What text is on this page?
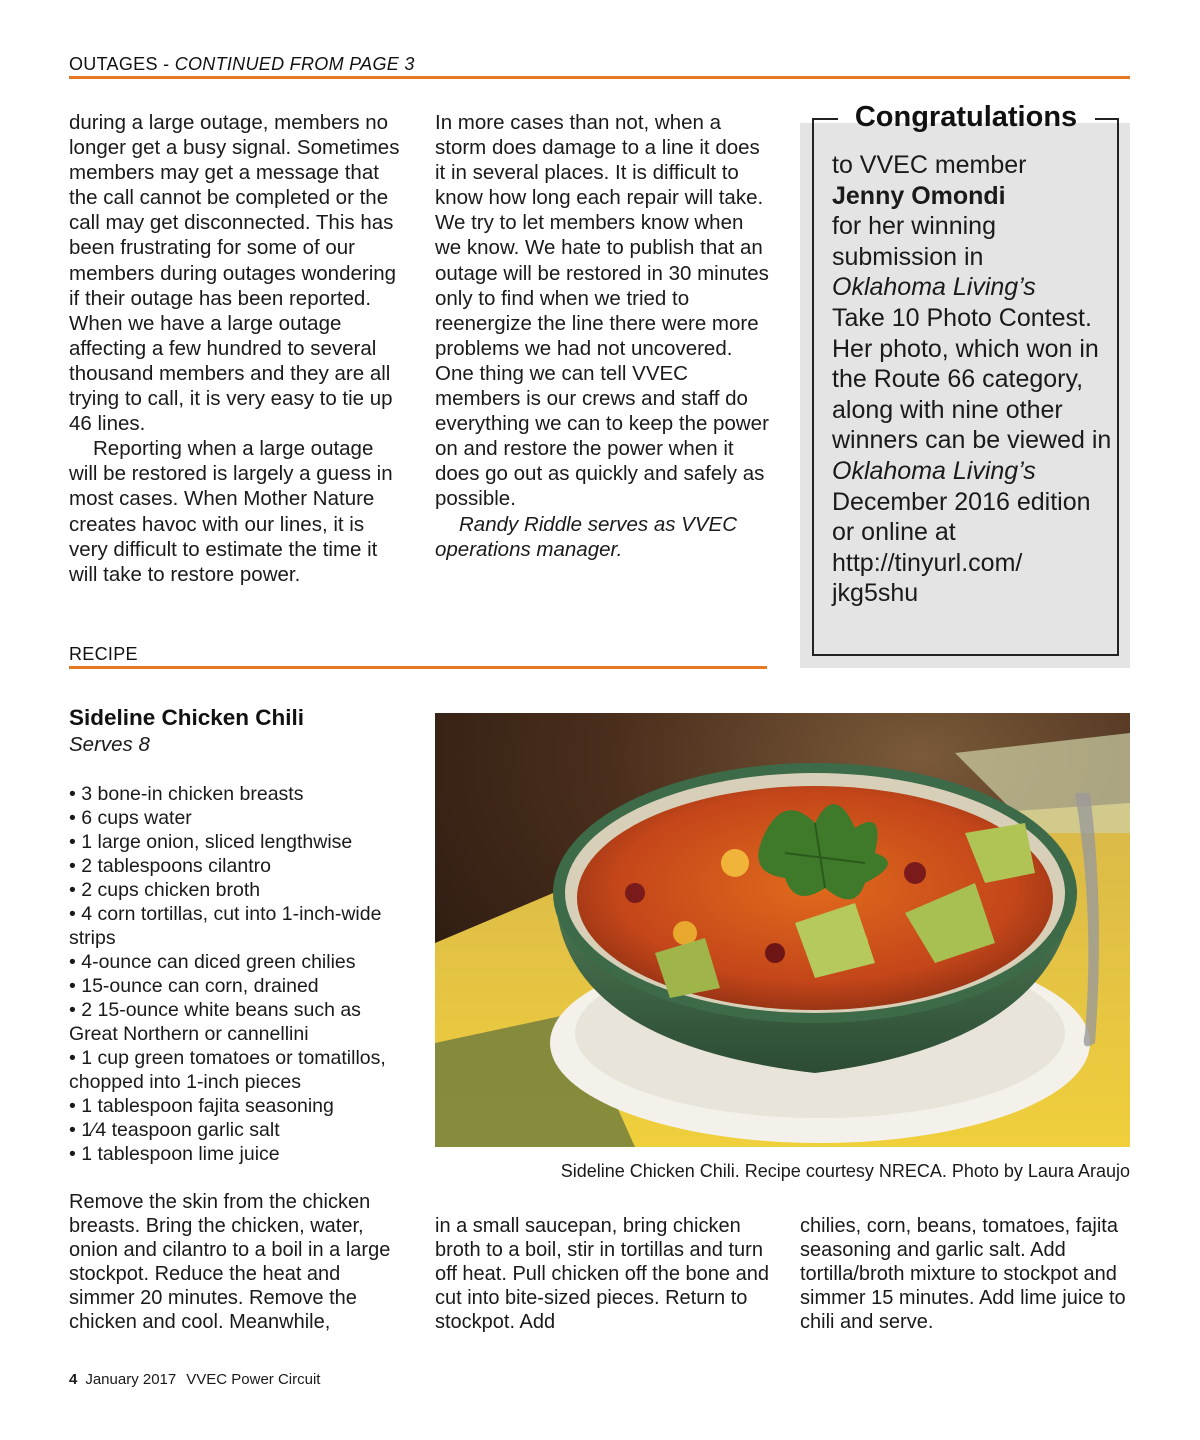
OUTAGES - CONTINUED FROM PAGE 3

during a large outage, members no longer get a busy signal. Sometimes members may get a message that the call cannot be completed or the call may get disconnected. This has been frustrating for some of our members during outages wondering if their outage has been reported. When we have a large outage affecting a few hundred to several thousand members and they are all trying to call, it is very easy to tie up 46 lines.

Reporting when a large outage will be restored is largely a guess in most cases. When Mother Nature creates havoc with our lines, it is very difficult to estimate the time it will take to restore power.

In more cases than not, when a storm does damage to a line it does it in several places. It is difficult to know how long each repair will take. We try to let members know when we know. We hate to publish that an outage will be restored in 30 minutes only to find when we tried to reenergize the line there were more problems we had not uncovered. One thing we can tell VVEC members is our crews and staff do everything we can to keep the power on and restore the power when it does go out as quickly and safely as possible.

Randy Riddle serves as VVEC operations manager.

Congratulations
to VVEC member
Jenny Omondi
for her winning submission in
Oklahoma Living’s
Take 10 Photo Contest. Her photo, which won in the Route 66 category, along with nine other winners can be viewed in
Oklahoma Living’s December 2016 edition or online at http://tinyurl.com/ jkg5shu
RECIPE
Sideline Chicken Chili
Serves 8
• 3 bone-in chicken breasts
• 6 cups water
• 1 large onion, sliced lengthwise
• 2 tablespoons cilantro
• 2 cups chicken broth
• 4 corn tortillas, cut into 1-inch-wide strips
• 4-ounce can diced green chilies
• 15-ounce can corn, drained
• 2 15-ounce white beans such as Great Northern or cannellini
• 1 cup green tomatoes or tomatillos, chopped into 1-inch pieces
• 1 tablespoon fajita seasoning
• 1⁄4 teaspoon garlic salt
• 1 tablespoon lime juice
Sideline Chicken Chili. Recipe courtesy NRECA. Photo by Laura Araujo

Remove the skin from the chicken breasts. Bring the chicken, water, onion and cilantro to a boil in a large stockpot. Reduce the heat and simmer 20 minutes. Remove the chicken and cool. Meanwhile,

in a small saucepan, bring chicken broth to a boil, stir in tortillas and turn off heat. Pull chicken off the bone and cut into bite-sized pieces. Return to stockpot. Add

chilies, corn, beans, tomatoes, fajita seasoning and garlic salt. Add tortilla/broth mixture to stockpot and simmer 15 minutes. Add lime juice to chili and serve.

4 January 2017 VVEC Power Circuit
